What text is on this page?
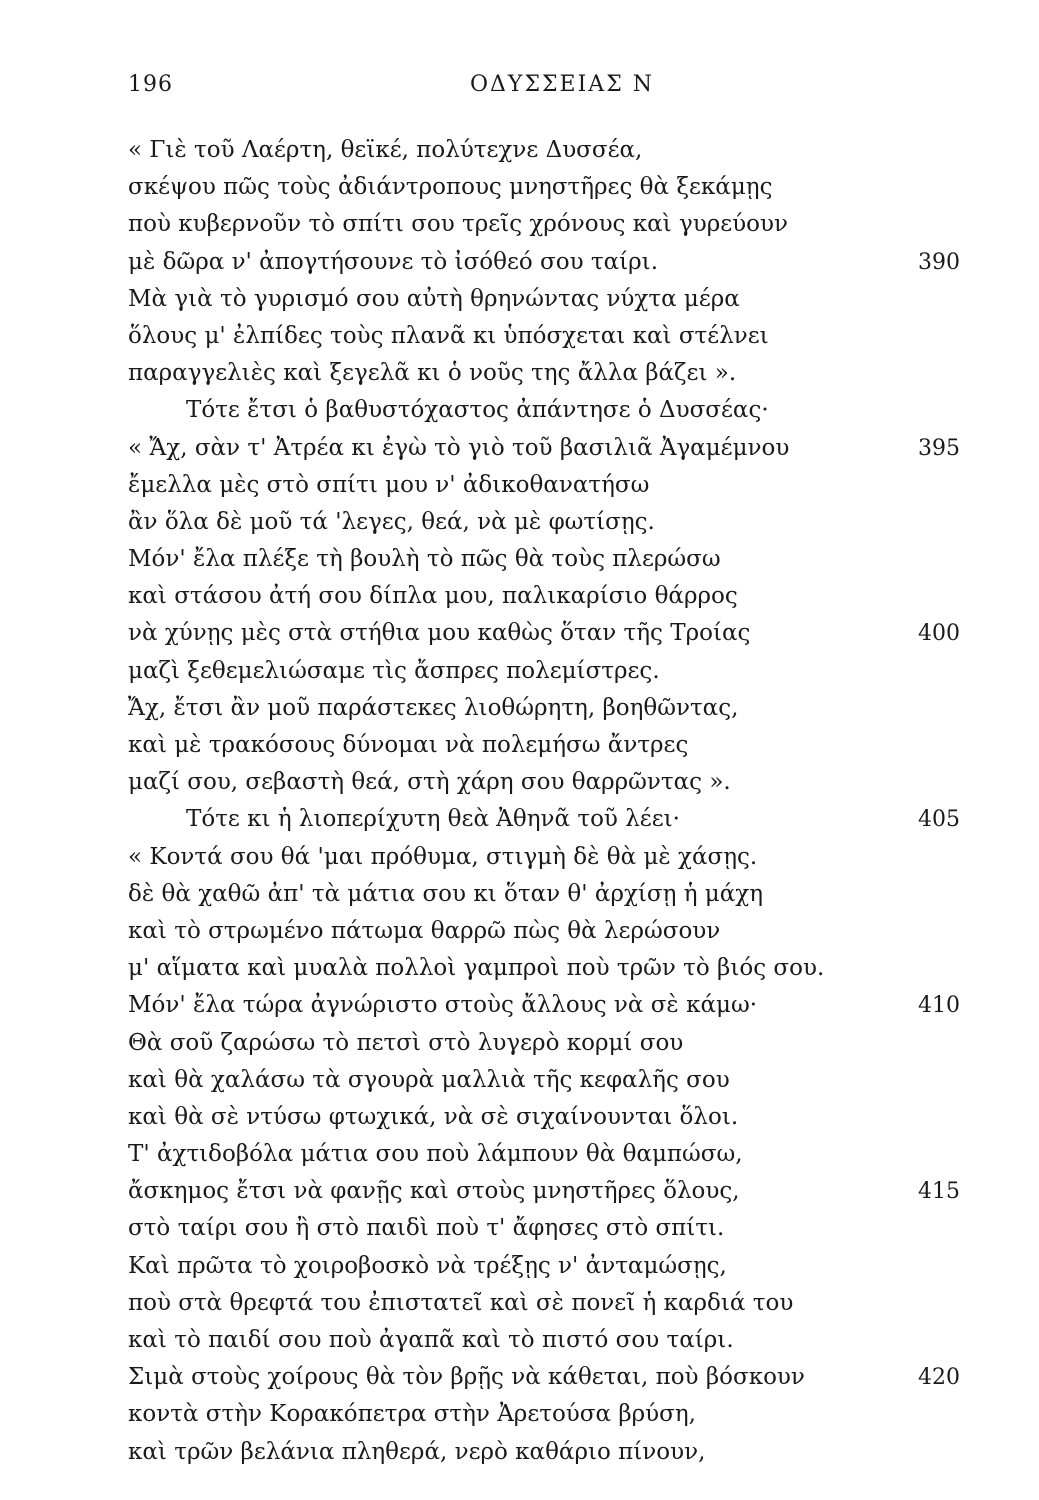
196	ΟΔΥΣΣΕΙΑΣ Ν
« Γιὲ τοῦ Λαέρτη, θεϊκέ, πολύτεχνε Δυσσέα,
σκέψου πῶς τοὺς ἀδιάντροπους μνηστῆρες θὰ ξεκάμῃς
ποὺ κυβερνοῦν τὸ σπίτι σου τρεῖς χρόνους καὶ γυρεύουν
μὲ δῶρα ν' ἀπογτήσουνε τὸ ἰσόθεό σου ταίρι.	390
Μὰ γιὰ τὸ γυρισμό σου αὐτὴ θρηνώντας νύχτα μέρα
ὅλους μ' ἐλπίδες τοὺς πλανᾶ κι ὑπόσχεται καὶ στέλνει
παραγγελιὲς καὶ ξεγελᾶ κι ὁ νοῦς της ἄλλα βάζει ».
Τότε ἔτσι ὁ βαθυστόχαστος ἀπάντησε ὁ Δυσσέας·
« Ἄχ, σὰν τ' Ἀτρέα κι ἐγὼ τὸ γιὸ τοῦ βασιλιᾶ Ἀγαμέμνου	395
ἔμελλα μὲς στὸ σπίτι μου ν' ἀδικοθανατήσω
ἂν ὅλα δὲ μοῦ τά 'λεγες, θεά, νὰ μὲ φωτίσῃς.
Μόν' ἔλα πλέξε τὴ βουλὴ τὸ πῶς θὰ τοὺς πλερώσω
καὶ στάσου ἀτή σου δίπλα μου, παλικαρίσιο θάρρος
νὰ χύνῃς μὲς στὰ στήθια μου καθὼς ὅταν τῆς Τροίας	400
μαζὶ ξεθεμελιώσαμε τὶς ἄσπρες πολεμίστρες.
Ἄχ, ἔτσι ἂν μοῦ παράστεκες λιοθώρητη, βοηθῶντας,
καὶ μὲ τρακόσους δύνομαι νὰ πολεμήσω ἄντρες
μαζί σου, σεβαστὴ θεά, στὴ χάρη σου θαρρῶντας ».
Τότε κι ἡ λιοπερίχυτη θεὰ Ἀθηνᾶ τοῦ λέει·	405
« Κοντά σου θά 'μαι πρόθυμα, στιγμὴ δὲ θὰ μὲ χάσῃς.
δὲ θὰ χαθῶ ἀπ' τὰ μάτια σου κι ὅταν θ' ἀρχίσῃ ἡ μάχη
καὶ τὸ στρωμένο πάτωμα θαρρῶ πὼς θὰ λερώσουν
μ' αἵματα καὶ μυαλὰ πολλοὶ γαμπροὶ ποὺ τρῶν τὸ βιός σου.
Μόν' ἔλα τώρα ἀγνώριστο στοὺς ἄλλους νὰ σὲ κάμω·	410
Θὰ σοῦ ζαρώσω τὸ πετσὶ στὸ λυγερὸ κορμί σου
καὶ θὰ χαλάσω τὰ σγουρὰ μαλλιὰ τῆς κεφαλῆς σου
καὶ θὰ σὲ ντύσω φτωχικά, νὰ σὲ σιχαίνουνται ὅλοι.
Τ' ἀχτιδοβόλα μάτια σου ποὺ λάμπουν θὰ θαμπώσω,
ἄσκημος ἔτσι νὰ φανῇς καὶ στοὺς μνηστῆρες ὅλους,	415
στὸ ταίρι σου ἢ στὸ παιδὶ ποὺ τ' ἄφησες στὸ σπίτι.
Καὶ πρῶτα τὸ χοιροβοσκὸ νὰ τρέξῃς ν' ἀνταμώσῃς,
ποὺ στὰ θρεφτά του ἐπιστατεῖ καὶ σὲ πονεῖ ἡ καρδιά του
καὶ τὸ παιδί σου ποὺ ἀγαπᾶ καὶ τὸ πιστό σου ταίρι.
Σιμὰ στοὺς χοίρους θὰ τὸν βρῇς νὰ κάθεται, ποὺ βόσκουν	420
κοντὰ στὴν Κορακόπετρα στὴν Ἀρετούσα βρύση,
καὶ τρῶν βελάνια πληθερά, νερὸ καθάριο πίνουν,
